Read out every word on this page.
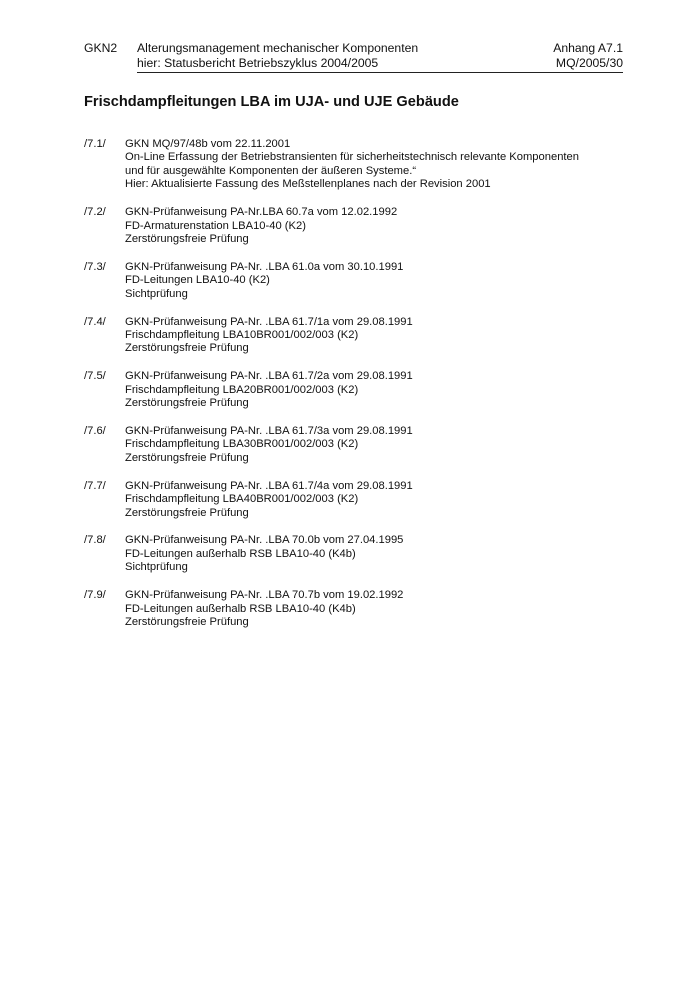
GKN2 Alterungsmanagement mechanischer Komponenten
hier: Statusbericht Betriebszyklus 2004/2005
Anhang A7.1
MQ/2005/30
Frischdampfleitungen LBA im UJA- und UJE Gebäude
/7.1/	GKN MQ/97/48b vom 22.11.2001
On-Line Erfassung der Betriebstransienten für sicherheitstechnisch relevante Komponenten
und für ausgewählte Komponenten der äußeren Systeme.“
Hier: Aktualisierte Fassung des Meßstellenplanes nach der Revision 2001
/7.2/	GKN-Prüfanweisung PA-Nr.LBA 60.7a vom 12.02.1992
FD-Armaturenstation LBA10-40 (K2)
Zerstörungsfreie Prüfung
/7.3/	GKN-Prüfanweisung PA-Nr. .LBA 61.0a vom 30.10.1991
FD-Leitungen LBA10-40 (K2)
Sichtprüfung
/7.4/	GKN-Prüfanweisung PA-Nr. .LBA 61.7/1a vom 29.08.1991
Frischdampfleitung LBA10BR001/002/003 (K2)
Zerstörungsfreie Prüfung
/7.5/	GKN-Prüfanweisung PA-Nr. .LBA 61.7/2a vom 29.08.1991
Frischdampfleitung LBA20BR001/002/003 (K2)
Zerstörungsfreie Prüfung
/7.6/	GKN-Prüfanweisung PA-Nr. .LBA 61.7/3a vom 29.08.1991
Frischdampfleitung LBA30BR001/002/003 (K2)
Zerstörungsfreie Prüfung
/7.7/	GKN-Prüfanweisung PA-Nr. .LBA 61.7/4a vom 29.08.1991
Frischdampfleitung LBA40BR001/002/003 (K2)
Zerstörungsfreie Prüfung
/7.8/	GKN-Prüfanweisung PA-Nr. .LBA 70.0b vom 27.04.1995
FD-Leitungen außerhalb RSB LBA10-40 (K4b)
Sichtprüfung
/7.9/	GKN-Prüfanweisung PA-Nr. .LBA 70.7b vom 19.02.1992
FD-Leitungen außerhalb RSB LBA10-40 (K4b)
Zerstörungsfreie Prüfung
